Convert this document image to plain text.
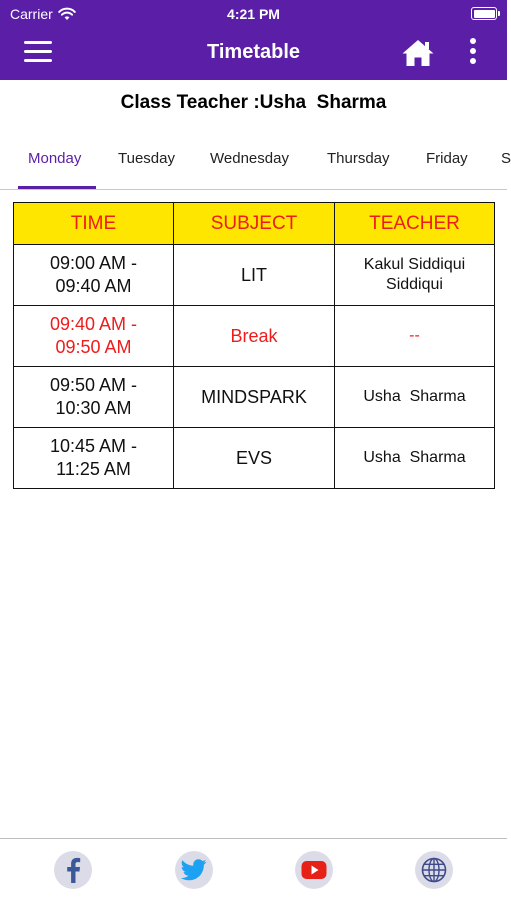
Carrier	4:21 PM
Timetable
Class Teacher :Usha  Sharma
Monday Tuesday Wednesday	Thursday Friday S
TIME	SUBJECT	TEACHER
09:00 AM -
09:40 AM	LIT	Kakul Siddiqui
Siddiqui
09:40 AM -
09:50 AM	Break	--
09:50 AM -
10:30 AM	MINDSPARK	Usha  Sharma
10:45 AM -
11:25 AM	EVS	Usha  Sharma
